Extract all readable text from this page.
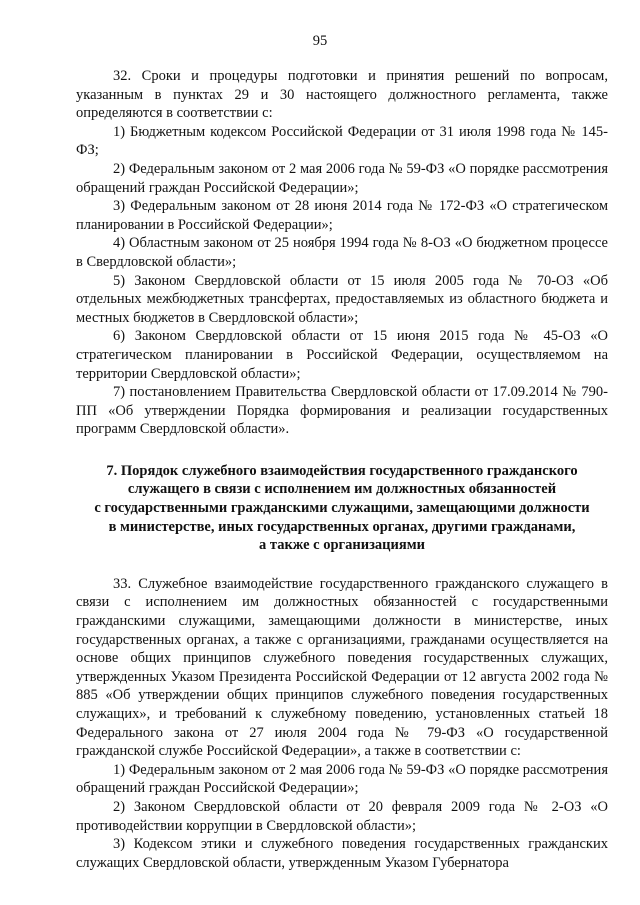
95

32. Сроки и процедуры подготовки и принятия решений по вопросам, указанным в пунктах 29 и 30 настоящего должностного регламента, также определяются в соответствии с:

1) Бюджетным кодексом Российской Федерации от 31 июля 1998 года № 145-ФЗ;

2) Федеральным законом от 2 мая 2006 года № 59-ФЗ «О порядке рассмотрения обращений граждан Российской Федерации»;

3) Федеральным законом от 28 июня 2014 года № 172-ФЗ «О стратегическом планировании в Российской Федерации»;

4) Областным законом от 25 ноября 1994 года № 8-ОЗ «О бюджетном процессе в Свердловской области»;

5) Законом Свердловской области от 15 июля 2005 года № 70-ОЗ «Об отдельных межбюджетных трансфертах, предоставляемых из областного бюджета и местных бюджетов в Свердловской области»;

6) Законом Свердловской области от 15 июня 2015 года № 45-ОЗ «О стратегическом планировании в Российской Федерации, осуществляемом на территории Свердловской области»;

7) постановлением Правительства Свердловской области от 17.09.2014 № 790-ПП «Об утверждении Порядка формирования и реализации государственных программ Свердловской области».

7. Порядок служебного взаимодействия государственного гражданского
служащего в связи с исполнением им должностных обязанностей
с государственными гражданскими служащими, замещающими должности
в министерстве, иных государственных органах, другими гражданами,
а также с организациями

33. Служебное взаимодействие государственного гражданского служащего в связи с исполнением им должностных обязанностей с государственными гражданскими служащими, замещающими должности в министерстве, иных государственных органах, а также с организациями, гражданами осуществляется на основе общих принципов служебного поведения государственных служащих, утвержденных Указом Президента Российской Федерации от 12 августа 2002 года № 885 «Об утверждении общих принципов служебного поведения государственных служащих», и требований к служебному поведению, установленных статьей 18 Федерального закона от 27 июля 2004 года № 79-ФЗ «О государственной гражданской службе Российской Федерации», а также в соответствии с:

1) Федеральным законом от 2 мая 2006 года № 59-ФЗ «О порядке рассмотрения обращений граждан Российской Федерации»;

2) Законом Свердловской области от 20 февраля 2009 года № 2-ОЗ «О противодействии коррупции в Свердловской области»;

3) Кодексом этики и служебного поведения государственных гражданских служащих Свердловской области, утвержденным Указом Губернатора
